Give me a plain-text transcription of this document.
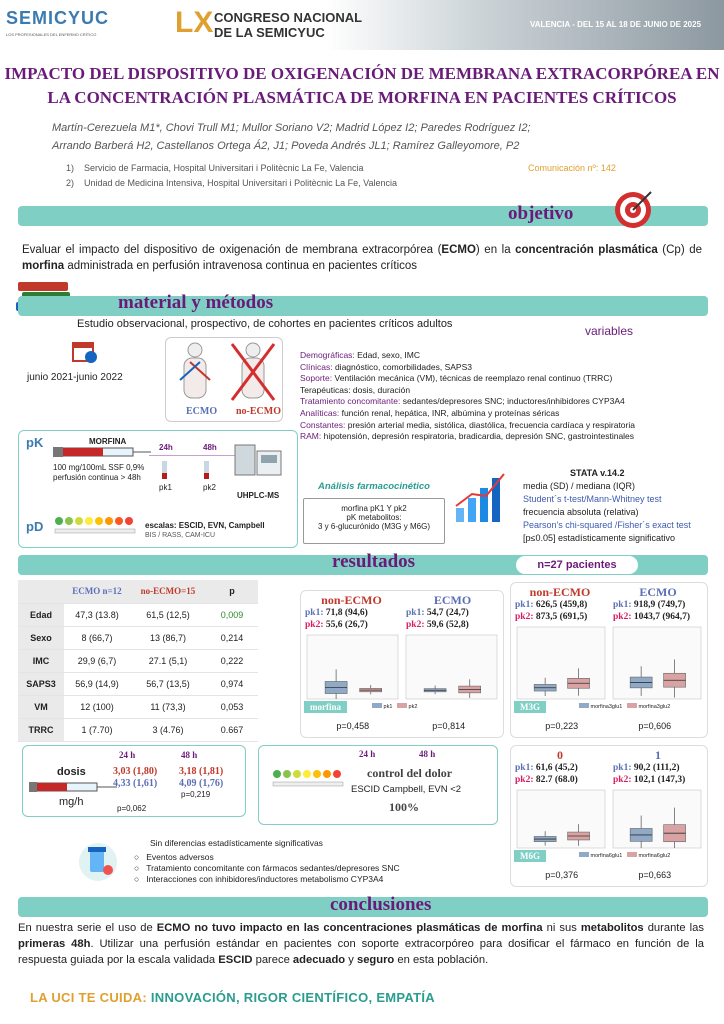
SEMICYUC
LOS PROFESIONALES DEL ENFERMO CRÍTICO	LX CONGRESO NACIONAL
DE LA SEMICYUC
VALENCIA - DEL 15 AL 18 DE JUNIO DE 2025
IMPACTO DEL DISPOSITIVO DE OXIGENACIÓN DE MEMBRANA EXTRACORPÓREA EN
LA CONCENTRACIÓN PLASMÁTICA DE MORFINA EN PACIENTES CRÍTICOS
Martín-Cerezuela M1*, Chovi Trull M1; Mullor Soriano V2; Madrid López I2; Paredes Rodríguez I2;
Arrando Barberá H2, Castellanos Ortega Á2, J1; Poveda Andrés JL1; Ramírez Galleyomore, P2
1)    Servicio de Farmacia, Hospital Universitari i Politècnic La Fe, Valencia
2)    Unidad de Medicina Intensiva, Hospital Universitari i Politècnic La Fe, Valencia
Comunicación nº: 142
objetivo
Evaluar el impacto del dispositivo de oxigenación de membrana extracorpórea (ECMO) en la concentración plasmática (Cp) de morfina administrada en perfusión intravenosa continua en pacientes críticos
material y métodos
Estudio observacional, prospectivo, de cohortes en pacientes críticos adultos	variables
junio 2021-junio 2022
ECMO no-ECMO
Demográficas: Edad, sexo, IMC
Clínicas: diagnóstico, comorbilidades, SAPS3
Soporte: Ventilación mecánica (VM), técnicas de reemplazo renal continuo (TRRC)
Terapéuticas: dosis, duración
Tratamiento concomitante: sedantes/depresores SNC; inductores/inhibidores CYP3A4
Analíticas: función renal, hepática, INR, albúmina y proteínas séricas
Constantes: presión arterial media, sistólica, diastólica, frecuencia cardíaca y respiratoria
RAM: hipotensión, depresión respiratoria, bradicardia, depresión SNC, gastrointestinales
pK
pD
MORFINA
100 mg/100mL SSF 0,9%
perfusión continua > 48h
24h	48h
pk1	pk2
UHPLC-MS
escalas: ESCID, EVN, Campbell
BIS / RASS, CAM-ICU
Análisis farmacocinético
morfina pK1 Y pk2
pK metabolitos:
3 y 6-glucurónido (M3G y M6G)
STATA v.14.2
media (SD) / mediana (IQR)
Student´s t-test/Mann-Whitney test
frecuencia absoluta (relativa)
Pearson's chi-squared /Fisher´s exact test
[p≤0.05] estadísticamente significativo
resultados	n=27 pacientes
	ECMO n=12	no-ECMO=15	p
Edad	47,3 (13.8)	61,5 (12,5)	0,009
Sexo	8 (66,7)	13 (86,7)	0,214
IMC	29,9 (6,7)	27.1 (5,1)	0,222
SAPS3	56,9 (14,9)	56,7 (13,5)	0,974
VM	12 (100)	11 (73,3)	0,053
TRRC	1 (7.70)	3 (4.76)	0.667
non-ECMO	ECMO
pk1: 71,8 (94,6)
pk2: 55,6 (26,7)
pk1: 54,7 (24,7)
pk2: 59,6 (52,8)
morfina	pk1    pk2
p=0,458	p=0,814
non-ECMO	ECMO
pk1: 626,5 (459,8)
pk2: 873,5 (691,5)
pk1: 918,9 (749,7)
pk2: 1043,7 (964,7)
M3G	morfina3glu1    morfina3glu2
p=0,223	p=0,606
0	1
pk1: 61,6 (45,2)
pk2: 82.7 (68.0)
pk1: 90,2 (111,2)
pk2: 102,1 (147,3)
M6G	morfina6glu1    morfina6glu2
p=0,376	p=0,663
dosis
mg/h
24 h	48 h
3,03 (1,80)
4,33 (1,61)
3,18 (1,81)
4,09 (1,76)
p=0,062
p=0,219
24 h	48 h
control del dolor
ESCID Campbell, EVN <2
100%
Sin diferencias estadísticamente significativas
○   Eventos adversos
○   Tratamiento concomitante con fármacos sedantes/depresores SNC
○   Interacciones con inhibidores/inductores metabolismo CYP3A4
conclusiones
En nuestra serie el uso de ECMO no tuvo impacto en las concentraciones plasmáticas de morfina ni sus metabolitos durante las primeras 48h. Utilizar una perfusión estándar en pacientes con soporte extracorpóreo para dosificar el fármaco en función de la respuesta guiada por la escala validada ESCID parece adecuado y seguro en esta población.
LA UCI TE CUIDA: INNOVACIÓN, RIGOR CIENTÍFICO, EMPATÍA
